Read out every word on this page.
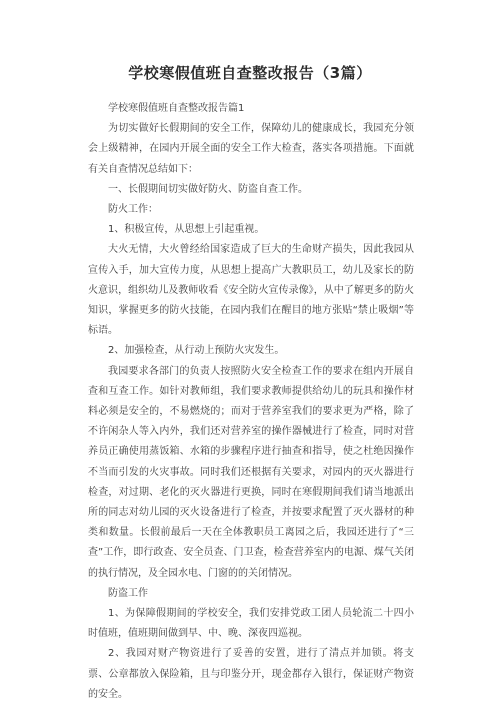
学校寒假值班自查整改报告（3篇）

学校寒假值班自查整改报告篇1

为切实做好长假期间的安全工作，保障幼儿的健康成长，我园充分领会上级精神，在园内开展全面的安全工作大检查，落实各项措施。下面就有关自查情况总结如下：

一、长假期间切实做好防火、防盗自查工作。

防火工作：

1、积极宣传，从思想上引起重视。

大火无情，大火曾经给国家造成了巨大的生命财产损失，因此我园从宣传入手，加大宣传力度，从思想上提高广大教职员工，幼儿及家长的防火意识，组织幼儿及教师收看《安全防火宣传录像》，从中了解更多的防火知识，掌握更多的防火技能，在园内我们在醒目的地方张贴“禁止吸烟”等标语。

2、加强检查，从行动上预防火灾发生。

我园要求各部门的负责人按照防火安全检查工作的要求在组内开展自查和互查工作。如针对教师组，我们要求教师提供给幼儿的玩具和操作材料必须是安全的，不易燃烧的；而对于营养室我们的要求更为严格，除了不许闲杂人等入内外，我们还对营养室的操作器械进行了检查，同时对营养员正确使用蒸饭箱、水箱的步骤程序进行抽查和指导，使之杜绝因操作不当而引发的火灾事故。同时我们还根据有关要求，对园内的灭火器进行检查，对过期、老化的灭火器进行更换，同时在寒假期间我们请当地派出所的同志对幼儿园的灭火设备进行了检查，并按要求配置了灭火器材的种类和数量。长假前最后一天在全体教职员工离园之后，我园还进行了“三查”工作，即行政查、安全员查、门卫查，检查营养室内的电源、煤气关闭的执行情况，及全园水电、门窗的的关闭情况。

防盗工作

1、为保障假期间的学校安全，我们安排党政工团人员轮流二十四小时值班，值班期间做到早、中、晚、深夜四巡视。

2、我园对财产物资进行了妥善的安置，进行了清点并加锁。将支票、公章都放入保险箱，且与印鉴分开，现金都存入银行，保证财产物资的安全。
